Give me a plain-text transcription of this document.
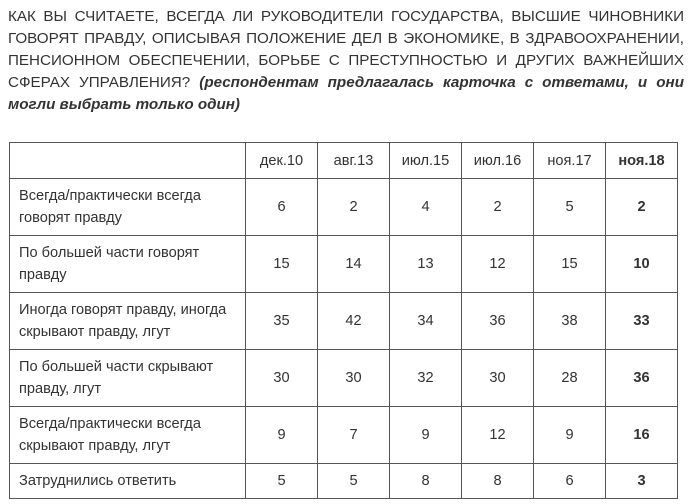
КАК ВЫ СЧИТАЕТЕ, ВСЕГДА ЛИ РУКОВОДИТЕЛИ ГОСУДАРСТВА, ВЫСШИЕ ЧИНОВНИКИ ГОВОРЯТ ПРАВДУ, ОПИСЫВАЯ ПОЛОЖЕНИЕ ДЕЛ В ЭКОНОМИКЕ, В ЗДРАВООХРАНЕНИИ, ПЕНСИОННОМ ОБЕСПЕЧЕНИИ, БОРЬБЕ С ПРЕСТУПНОСТЬЮ И ДРУГИХ ВАЖНЕЙШИХ СФЕРАХ УПРАВЛЕНИЯ? (респондентам предлагалась карточка с ответами, и они могли выбрать только один)
	дек.10	авг.13	июл.15	июл.16	ноя.17	ноя.18
Всегда/практически всегда говорят правду	6	2	4	2	5	2
По большей части говорят правду	15	14	13	12	15	10
Иногда говорят правду, иногда скрывают правду, лгут	35	42	34	36	38	33
По большей части скрывают правду, лгут	30	30	32	30	28	36
Всегда/практически всегда скрывают правду, лгут	9	7	9	12	9	16
Затруднились ответить	5	5	8	8	6	3
